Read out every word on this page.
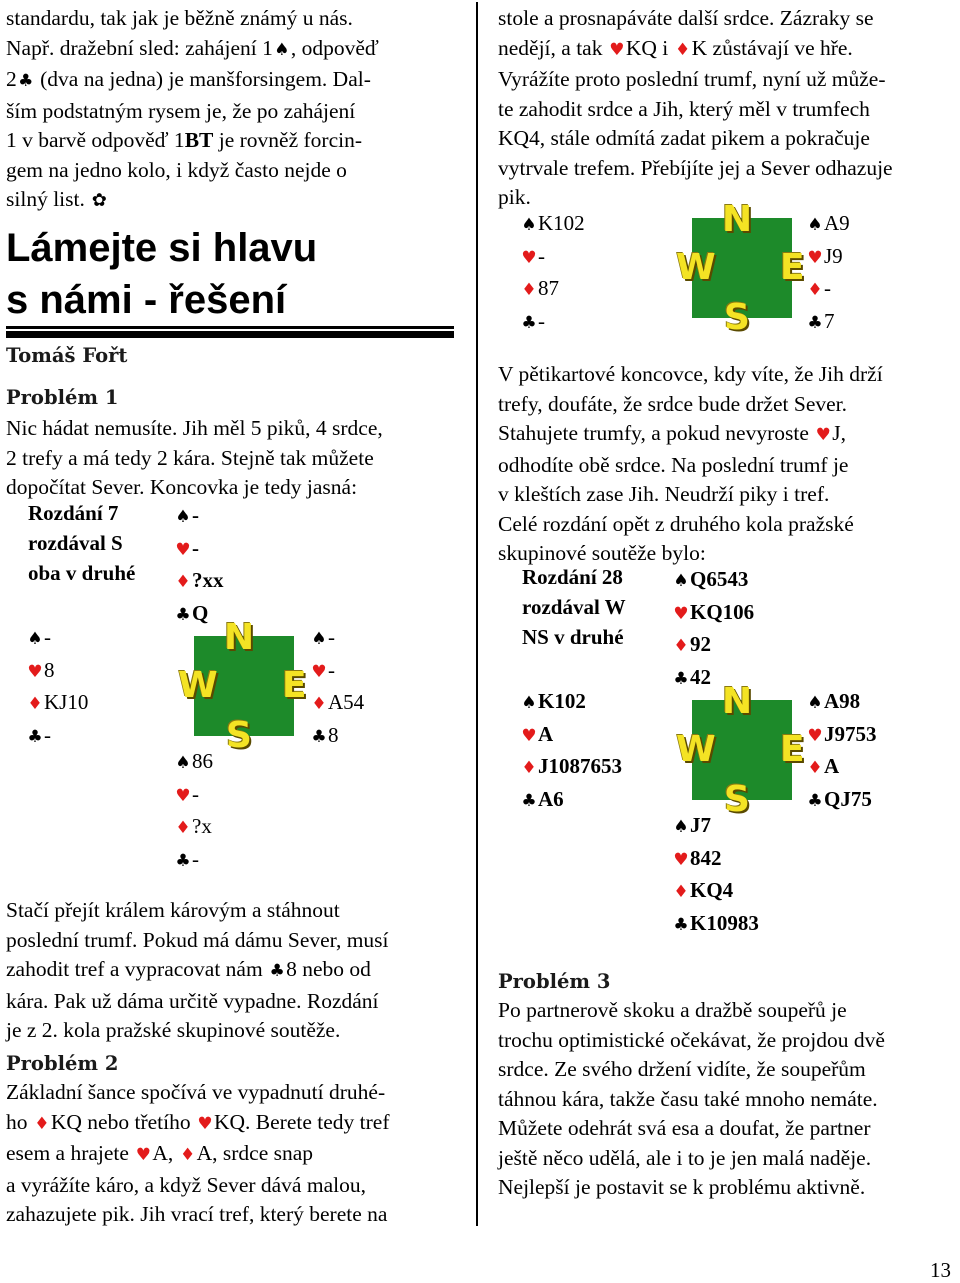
standardu, tak jak je běžně známý u nás.
Např. dražební sled: zahájení 1♠, odpověď
2♣ (dva na jedna) je manšforsingem. Dal-
ším podstatným rysem je, že po zahájení
1 v barvě odpověď 1BT je rovněž forcin-
gem na jedno kolo, i když často nejde o
silný list. ✿
Lámejte si hlavu
s námi - řešení
Tomáš Fořt
Problém 1
Nic hádat nemusíte. Jih měl 5 piků, 4 srdce,
2 trefy a má tedy 2 kára. Stejně tak můžete
dopočítat Sever. Koncovka je tedy jasná:
Rozdání 7
rozdával S
oba v druhé
♠-
♥-
♦?xx
♣Q
♠-
♥8
♦KJ10
♣-
N
W E
S
♠-
♥-
♦A54
♣8
♠86
♥-
♦?x
♣-
Stačí přejít králem károvým a stáhnout
poslední trumf. Pokud má dámu Sever, musí
zahodit tref a vypracovat nám ♣8 nebo od
kára. Pak už dáma určitě vypadne. Rozdání
je z 2. kola pražské skupinové soutěže.
Problém 2
Základní šance spočívá ve vypadnutí druhé-
ho ♦KQ nebo třetího ♥KQ. Berete tedy tref
esem a hrajete ♥A, ♦A, srdce snap
a vyrážíte káro, a když Sever dává malou,
zahazujete pik. Jih vrací tref, který berete na
stole a prosnapáváte další srdce. Zázraky se
nedějí, a tak ♥KQ i ♦K zůstávají ve hře.
Vyrážíte proto poslední trumf, nyní už může-
te zahodit srdce a Jih, který měl v trumfech
KQ4, stále odmítá zadat pikem a pokračuje
vytrvale trefem. Přebíjíte jej a Sever odhazuje
pik.
♠K102
♥-
♦87
♣-
N
W E
S
♠A9
♥J9
♦-
♣7
V pětikartové koncovce, kdy víte, že Jih drží
trefy, doufáte, že srdce bude držet Sever.
Stahujete trumfy, a pokud nevyroste ♥J,
odhodíte obě srdce. Na poslední trumf je
v kleštích zase Jih. Neudrží piky i tref.
Celé rozdání opět z druhého kola pražské
skupinové soutěže bylo:
Rozdání 28
rozdával W
NS v druhé
♠Q6543
♥KQ106
♦92
♣42
♠K102
♥A
♦J1087653
♣A6
N
W E
S
♠A98
♥J9753
♦A
♣QJ75
♠J7
♥842
♦KQ4
♣K10983
Problém 3
Po partnerově skoku a dražbě soupeřů je
trochu optimistické očekávat, že projdou dvě
srdce. Ze svého držení vidíte, že soupeřům
táhnou kára, takže času také mnoho nemáte.
Můžete odehrát svá esa a doufat, že partner
ještě něco udělá, ale i to je jen malá naděje.
Nejlepší je postavit se k problému aktivně.
13
